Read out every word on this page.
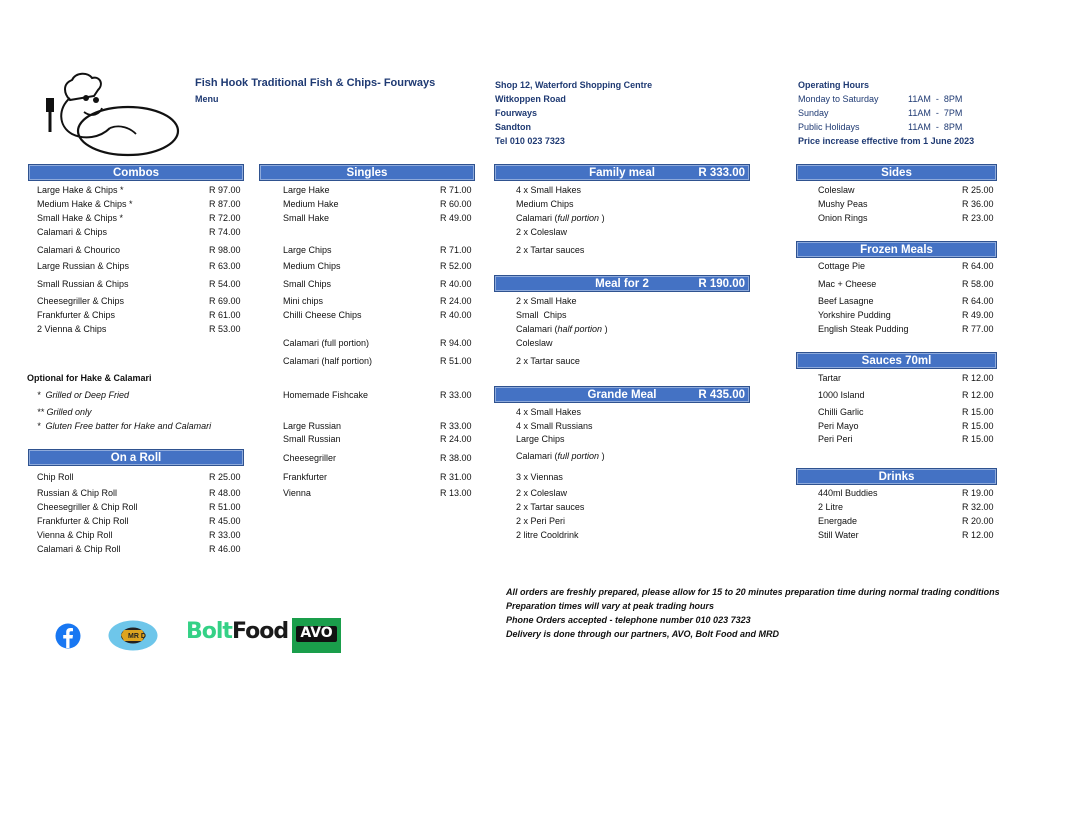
Fish Hook Traditional Fish & Chips- Fourways
Menu
Shop 12, Waterford Shopping Centre
Witkoppen Road
Fourways
Sandton
Tel 010 023 7323
Operating Hours
Monday to Saturday	11AM  -  8PM
Sunday	11AM  -  7PM
Public Holidays	11AM  -  8PM
Price increase effective from 1 June 2023
Combos	Singles	Family meal	R 333.00	Sides
Frozen Meals
Meal for 2	R 190.00
Sauces 70ml
Grande Meal	R 435.00
On a Roll
Drinks
Large Hake & Chips *	R 97.00
Medium Hake & Chips *	R 87.00
Small Hake & Chips *	R 72.00
Calamari & Chips	R 74.00
Calamari & Chourico	R 98.00
Large Russian & Chips	R 63.00
Small Russian & Chips	R 54.00
Cheesegriller & Chips	R 69.00
Frankfurter & Chips	R 61.00
2 Vienna & Chips	R 53.00
Optional for Hake & Calamari
*  Grilled or Deep Fried
** Grilled only
*  Gluten Free batter for Hake and Calamari
Chip Roll	R 25.00
Russian & Chip Roll	R 48.00
Cheesegriller & Chip Roll	R 51.00
Frankfurter & Chip Roll	R 45.00
Vienna & Chip Roll	R 33.00
Calamari & Chip Roll	R 46.00
Large Hake	R 71.00
Medium Hake	R 60.00
Small Hake	R 49.00
Large Chips	R 71.00
Medium Chips	R 52.00
Small Chips	R 40.00
Mini chips	R 24.00
Chilli Cheese Chips	R 40.00
Calamari (full portion)	R 94.00
Calamari (half portion)	R 51.00
Homemade Fishcake	R 33.00
Large Russian	R 33.00
Small Russian	R 24.00
Cheesegriller	R 38.00
Frankfurter	R 31.00
Vienna	R 13.00
4 x Small Hakes
Medium Chips
Calamari (full portion )
2 x Coleslaw
2 x Tartar sauces
2 x Small Hake
Small  Chips
Calamari (half portion )
Coleslaw
2 x Tartar sauce
4 x Small Hakes
4 x Small Russians
Large Chips
Calamari (full portion )
3 x Viennas
2 x Coleslaw
2 x Tartar sauces
2 x Peri Peri
2 litre Cooldrink
Coleslaw	R 25.00
Mushy Peas	R 36.00
Onion Rings	R 23.00
Cottage Pie	R 64.00
Mac + Cheese	R 58.00
Beef Lasagne	R 64.00
Yorkshire Pudding	R 49.00
English Steak Pudding	R 77.00
Tartar	R 12.00
1000 Island	R 12.00
Chilli Garlic	R 15.00
Peri Mayo	R 15.00
Peri Peri	R 15.00
440ml Buddies	R 19.00
2 Litre	R 32.00
Energade	R 20.00
Still Water	R 12.00
All orders are freshly prepared, please allow for 15 to 20 minutes preparation time during normal trading conditions
Preparation times will vary at peak trading hours
Phone Orders accepted - telephone number 010 023 7323
Delivery is done through our partners, AVO, Bolt Food and MRD
MR D BoltFood AVO
